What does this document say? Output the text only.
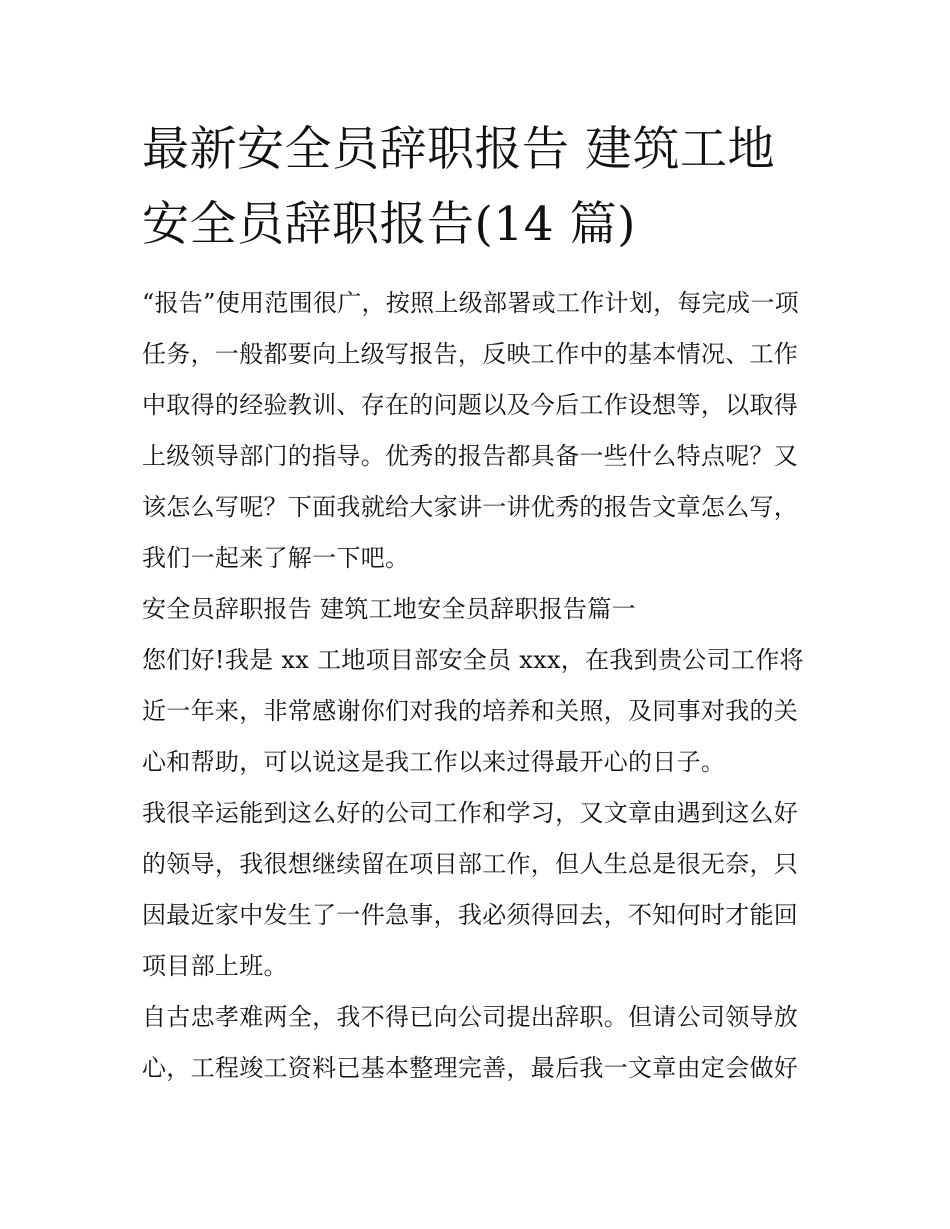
最新安全员辞职报告 建筑工地
安全员辞职报告(14 篇)

“报告”使用范围很广，按照上级部署或工作计划，每完成一项
任务，一般都要向上级写报告，反映工作中的基本情况、工作
中取得的经验教训、存在的问题以及今后工作设想等，以取得
上级领导部门的指导。优秀的报告都具备一些什么特点呢？又
该怎么写呢？下面我就给大家讲一讲优秀的报告文章怎么写，
我们一起来了解一下吧。

安全员辞职报告 建筑工地安全员辞职报告篇一

您们好!我是 xx 工地项目部安全员 xxx，在我到贵公司工作将
近一年来，非常感谢你们对我的培养和关照，及同事对我的关
心和帮助，可以说这是我工作以来过得最开心的日子。

我很辛运能到这么好的公司工作和学习，又文章由遇到这么好
的领导，我很想继续留在项目部工作，但人生总是很无奈，只
因最近家中发生了一件急事，我必须得回去，不知何时才能回
项目部上班。

自古忠孝难两全，我不得已向公司提出辞职。但请公司领导放
心，工程竣工资料已基本整理完善，最后我一文章由定会做好
